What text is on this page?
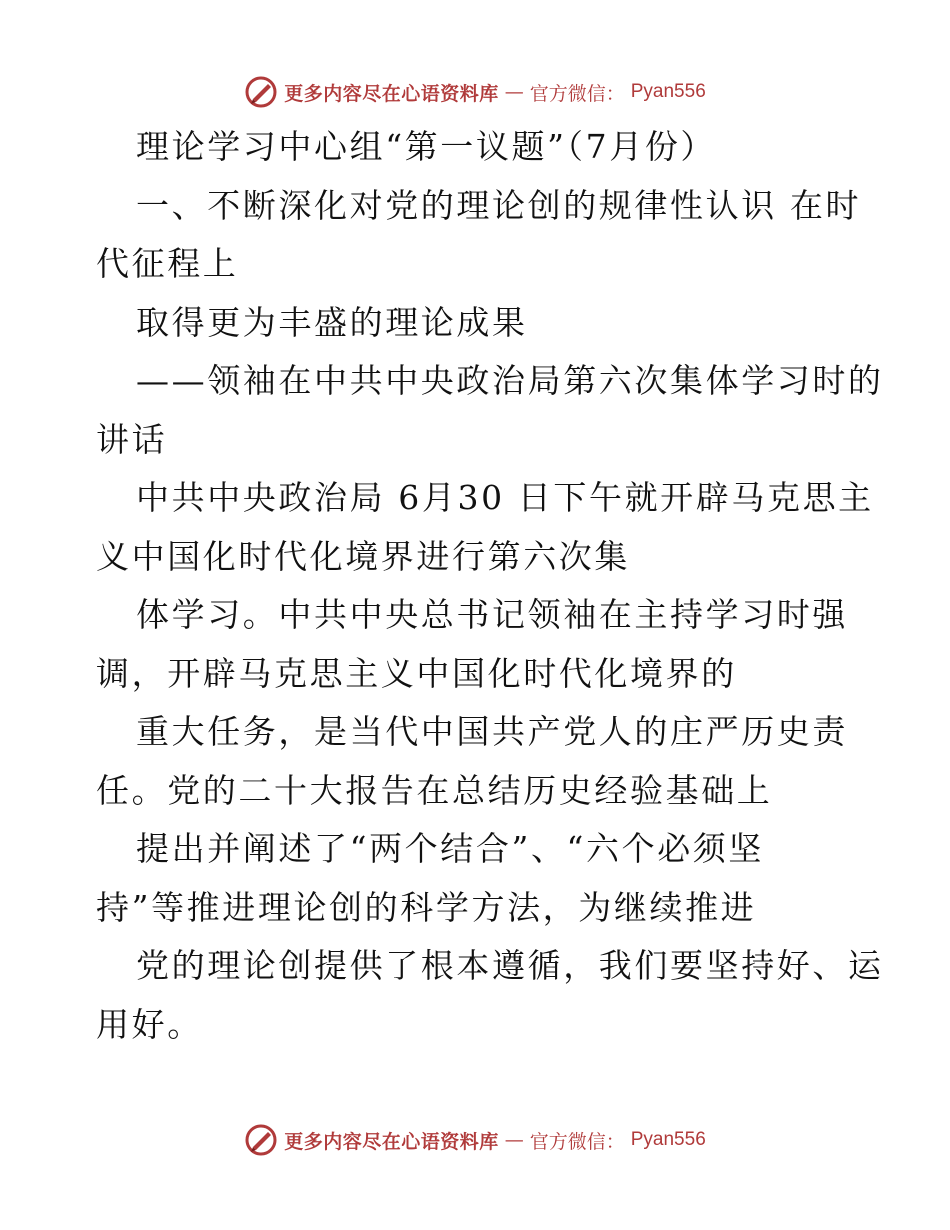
更多内容尽在心语资料库 — 官方微信： Pyan556
理论学习中心组“第一议题”（7月份）
一、不断深化对党的理论创的规律性认识 在时
代征程上
取得更为丰盛的理论成果
——领袖在中共中央政治局第六次集体学习时的
讲话
中共中央政治局 6月30 日下午就开辟马克思主
义中国化时代化境界进行第六次集
体学习。中共中央总书记领袖在主持学习时强
调，开辟马克思主义中国化时代化境界的
重大任务，是当代中国共产党人的庄严历史责
任。党的二十大报告在总结历史经验基础上
提出并阐述了“两个结合”、“六个必须坚
持”等推进理论创的科学方法，为继续推进
党的理论创提供了根本遵循，我们要坚持好、运
用好。
更多内容尽在心语资料库 — 官方微信： Pyan556
